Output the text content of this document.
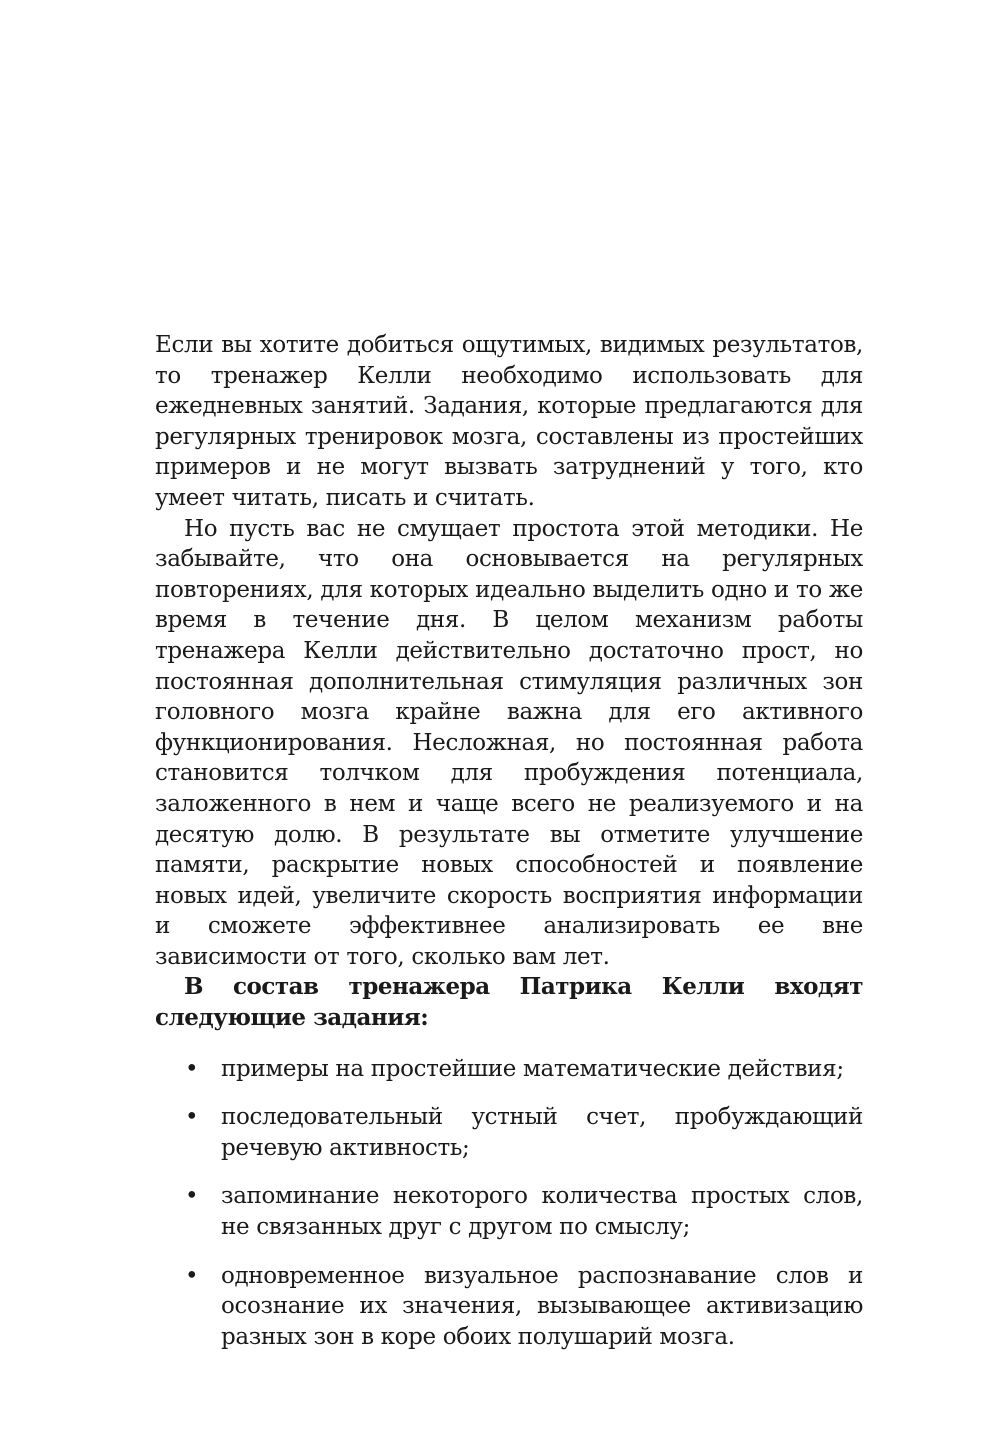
Если вы хотите добиться ощутимых, видимых результатов, то тренажер Келли необходимо использовать для ежедневных занятий. Задания, которые предлагаются для регулярных тренировок мозга, составлены из простейших примеров и не могут вызвать затруднений у того, кто умеет читать, писать и считать.

Но пусть вас не смущает простота этой методики. Не забывайте, что она основывается на регулярных повторениях, для которых идеально выделить одно и то же время в течение дня. В целом механизм работы тренажера Келли действительно достаточно прост, но постоянная дополнительная стимуляция различных зон головного мозга крайне важна для его активного функционирования. Несложная, но постоянная работа становится толчком для пробуждения потенциала, заложенного в нем и чаще всего не реализуемого и на десятую долю. В результате вы отметите улучшение памяти, раскрытие новых способностей и появление новых идей, увеличите скорость восприятия информации и сможете эффективнее анализировать ее вне зависимости от того, сколько вам лет.

В состав тренажера Патрика Келли входят следующие задания:

• примеры на простейшие математические действия;
• последовательный устный счет, пробуждающий речевую активность;
• запоминание некоторого количества простых слов, не связанных друг с другом по смыслу;
• одновременное визуальное распознавание слов и осознание их значения, вызывающее активизацию разных зон в коре обоих полушарий мозга.
